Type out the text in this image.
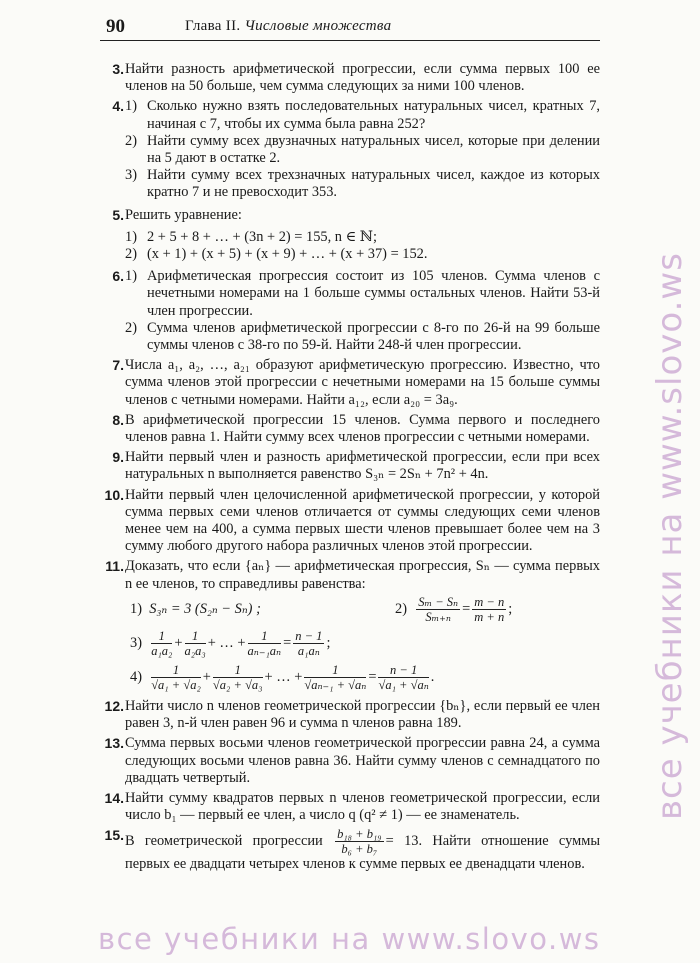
90	Глава II. Числовые множества
3 . Найти разность арифметической прогрессии, если сумма первых 100 ее членов на 50 больше, чем сумма следующих за ними 100 членов.
4 . 1 )	Сколько нужно взять последовательных натуральных чисел, кратных 7, начиная с 7, чтобы их сумма была равна 252?
2 )	Найти сумму всех двузначных натуральных чисел, которые при делении на 5 дают в остатке 2.
3 )	Найти сумму всех трехзначных натуральных чисел, каждое из которых кратно 7 и не превосходит 353.
5 . Решить уравнение:
1 )	2 + 5 + 8 + … + (3n + 2) = 155, n ∈ ℕ;
2 )	(x + 1) + (x + 5) + (x + 9) + … + (x + 37) = 152.
6 . 1 )	Арифметическая прогрессия состоит из 105 членов. Сумма членов с нечетными номерами на 1 больше суммы остальных членов. Найти 53-й член прогрессии.
2 )	Сумма членов арифметической прогрессии с 8-го по 26-й на 99 больше суммы членов с 38-го по 59-й. Найти 248-й член прогрессии.
7 . Числа a₁, a₂, …, a₂₁ образуют арифметическую прогрессию. Известно, что сумма членов этой прогрессии с нечетными номерами на 15 больше суммы членов с четными номерами. Найти a₁₂, если a₂₀ = 3a₉.
8 . В арифметической прогрессии 15 членов. Сумма первого и последнего членов равна 1. Найти сумму всех членов прогрессии с четными номерами.
9 . Найти первый член и разность арифметической прогрессии, если при всех натуральных n выполняется равенство S₃ₙ = 2Sₙ + 7n² + 4n.
10 . Найти первый член целочисленной арифметической прогрессии, у которой сумма первых семи членов отличается от суммы следующих семи членов менее чем на 400, а сумма первых шести членов превышает более чем на 3 сумму любого другого набора различных членов этой прогрессии.
11 . Доказать, что если {aₙ} — арифметическая прогрессия, Sₙ — сумма первых n ее членов, то справедливы равенства:
1) S₃ₙ = 3 (S₂ₙ − Sₙ) ;	$2) \frac{\text{Sₘ − Sₙ}}{\text{Sₘ₊ₙ}} = \frac{m - n}{m + n}$ ;
$3) \frac{1}{\text{a₁a₂}} + \frac{1}{\text{a₂a₃}}$ + … + $\frac{1}{\text{aₙ₋₁aₙ}} = \frac{n - 1}{\text{a₁aₙ}}$ ;
$4) \frac{1}{\text{√a₁ + √a₂}} + \frac{1}{\text{√a₂ + √a₃}}$ + … + $\frac{1}{\text{√aₙ₋₁ + √aₙ}} = \frac{n - 1}{\text{√a₁ + √aₙ}}$ .
12 . Найти число n членов геометрической прогрессии {bₙ}, если первый ее член равен 3, n-й член равен 96 и сумма n членов равна 189.
13 . Сумма первых восьми членов геометрической прогрессии равна 24, а сумма следующих восьми членов равна 36. Найти сумму членов с семнадцатого по двадцать четвертый.
14 . Найти сумму квадратов первых n членов геометрической прогрессии, если число b₁ — первый ее член, а число q (q² ≠ 1) — ее знаменатель.
15 . В геометрической прогрессии $\frac{\text{b₁₈ + b₁₉}}{\text{b₆ + b₇}} = 13$. Найти отношение суммы первых ее двадцати четырех членов к сумме первых ее двенадцати членов.
все учебники на www.slovo.ws
все учебники на www.slovo.ws
